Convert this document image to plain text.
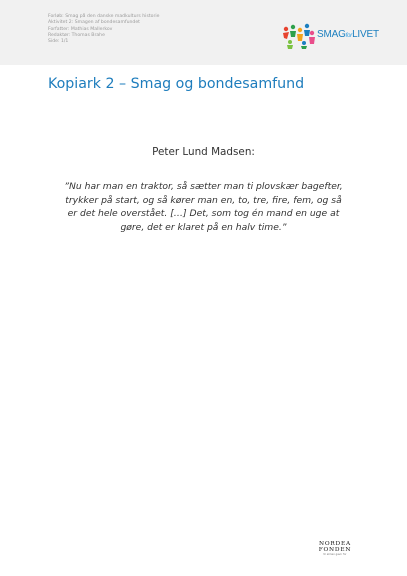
Forløb: Smag på den danske madkulturs historie
Aktivitet 2: Smagen af bondesamfundet
Forfatter: Mathias Mallerkov
Redaktør: Thomas Brahe
Side: 1/1
SMAGforLIVET
Kopiark 2 – Smag og bondesamfund
Peter Lund Madsen:
”Nu har man en traktor, så sætter man ti plovskær bagefter,
trykker på start, og så kører man en, to, tre, fire, fem, og så
er det hele overstået. […] Det, som tog én mand en uge at
gøre, det er klaret på en halv time.”
NORDEA
FONDEN
til almen gavn for
